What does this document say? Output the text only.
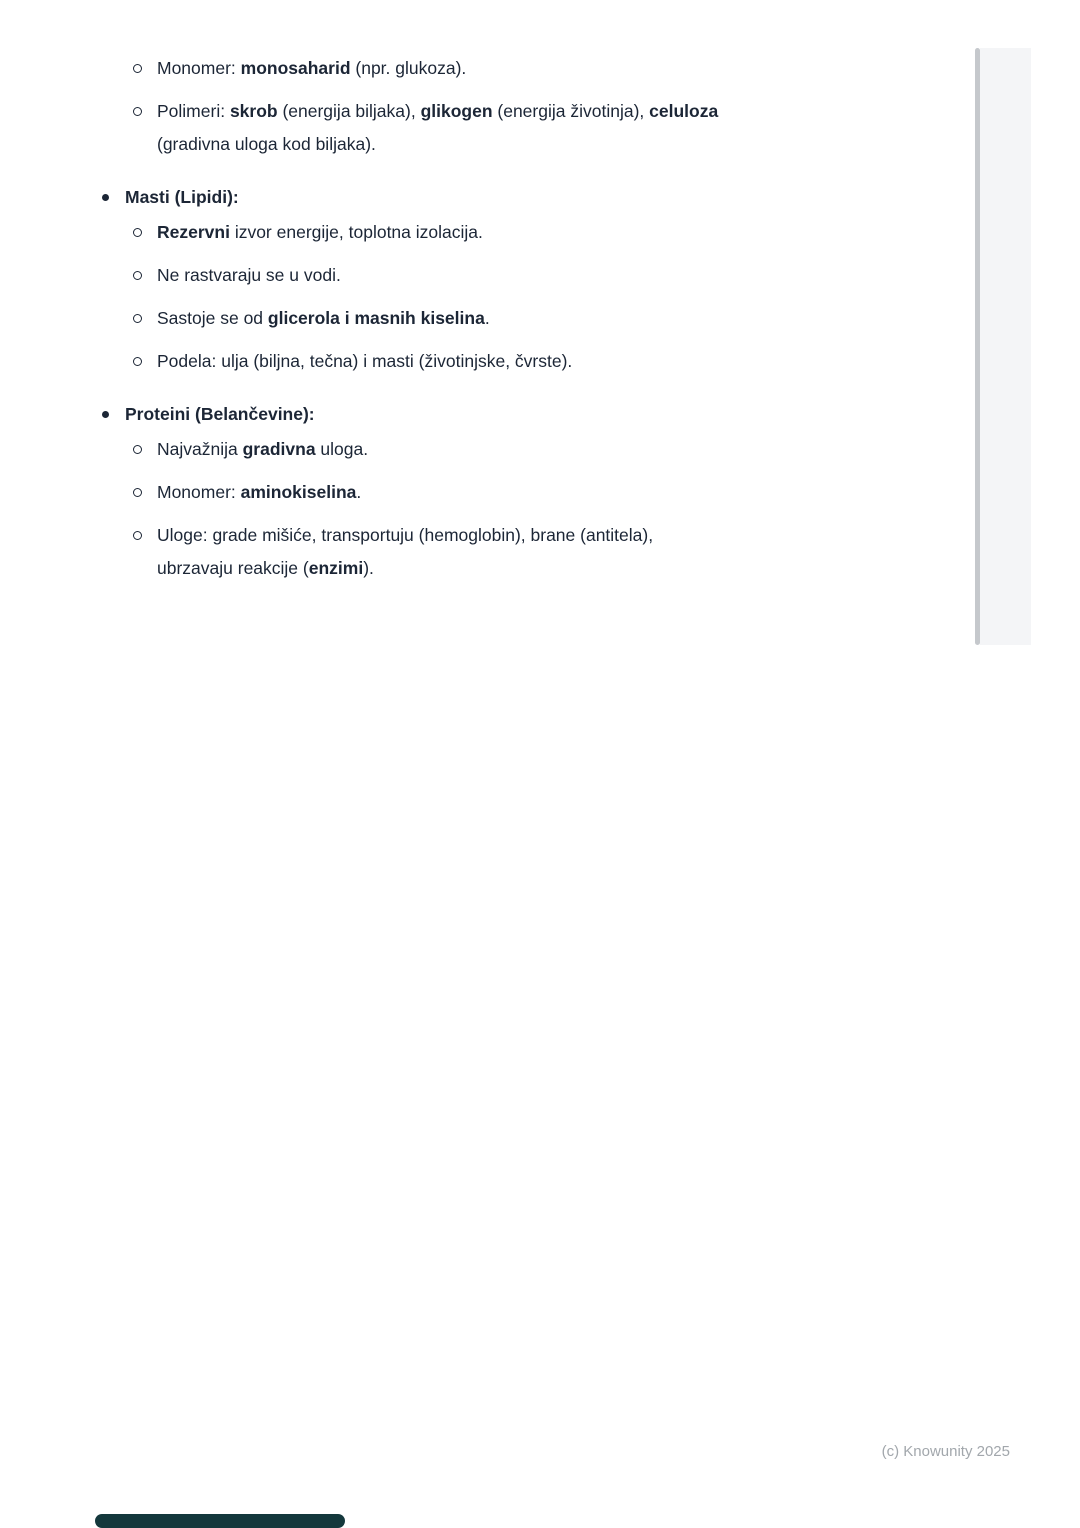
Monomer: monosaharid (npr. glukoza).
Polimeri: skrob (energija biljaka), glikogen (energija životinja), celuloza
(gradivna uloga kod biljaka).
Masti (Lipidi):
Rezervni izvor energije, toplotna izolacija.
Ne rastvaraju se u vodi.
Sastoje se od glicerola i masnih kiselina.
Podela: ulja (biljna, tečna) i masti (životinjske, čvrste).
Proteini (Belančevine):
Najvažnija gradivna uloga.
Monomer: aminokiselina.
Uloge: grade mišiće, transportuju (hemoglobin), brane (antitela),
ubrzavaju reakcije (enzimi).
(c) Knowunity 2025
